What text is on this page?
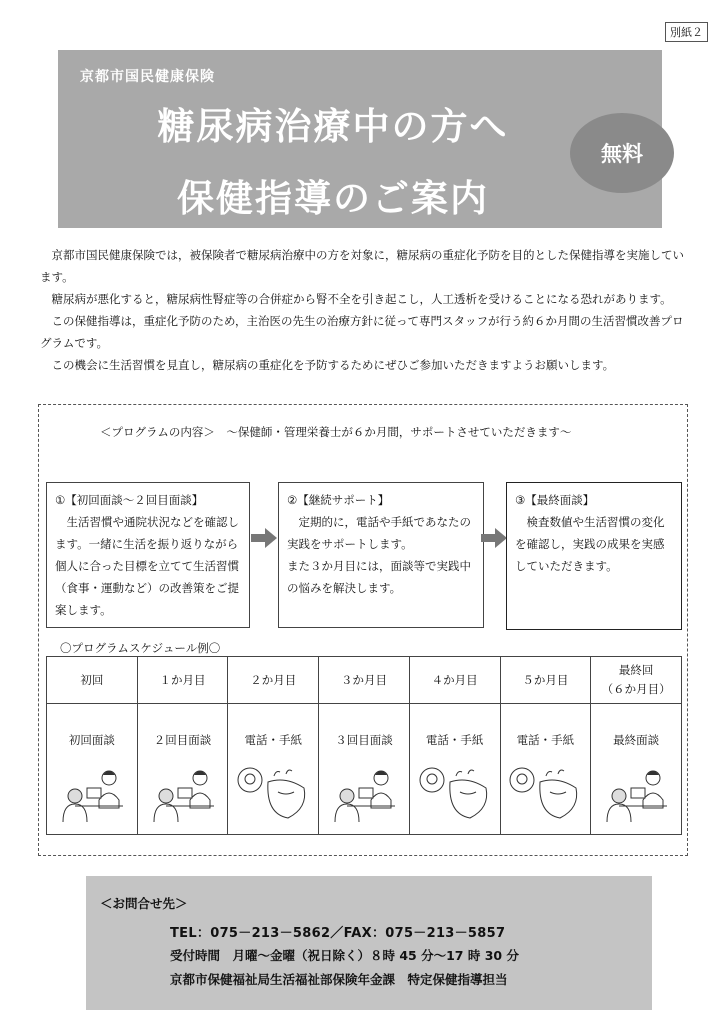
別紙２
京都市国民健康保険
糖尿病治療中の方へ
保健指導のご案内
無料

京都市国民健康保険では，被保険者で糖尿病治療中の方を対象に，糖尿病の重症化予防を目的とした保健指導を実施しています。

糖尿病が悪化すると，糖尿病性腎症等の合併症から腎不全を引き起こし，人工透析を受けることになる恐れがあります。

この保健指導は，重症化予防のため，主治医の先生の治療方針に従って専門スタッフが行う約６か月間の生活習慣改善プログラムです。

この機会に生活習慣を見直し，糖尿病の重症化を予防するためにぜひご参加いただきますようお願いします。

＜プログラムの内容＞　～保健師・管理栄養士が６か月間，サポートさせていただきます～

①【初回面談～２回目面談】

生活習慣や通院状況などを確認します。一緒に生活を振り返りながら個人に合った目標を立てて生活習慣（食事・運動など）の改善策をご提案します。

②【継続サポート】

定期的に，電話や手紙であなたの実践をサポートします。

また３か月目には，面談等で実践中の悩みを解決します。

③【最終面談】

検査数値や生活習慣の変化を確認し，実践の成果を実感していただきます。

〇プログラムスケジュール例〇
初回	１か月目	２か月目	３か月目	４か月目	５か月目	最終回
（６か月目）

初回面談	２回目面談	電話・手紙	３回目面談	電話・手紙	電話・手紙	最終面談
＜お問合せ先＞
TEL：075－213－5862／FAX：075－213－5857
受付時間　月曜～金曜（祝日除く）８時 45 分～17 時 30 分
京都市保健福祉局生活福祉部保険年金課　特定保健指導担当
